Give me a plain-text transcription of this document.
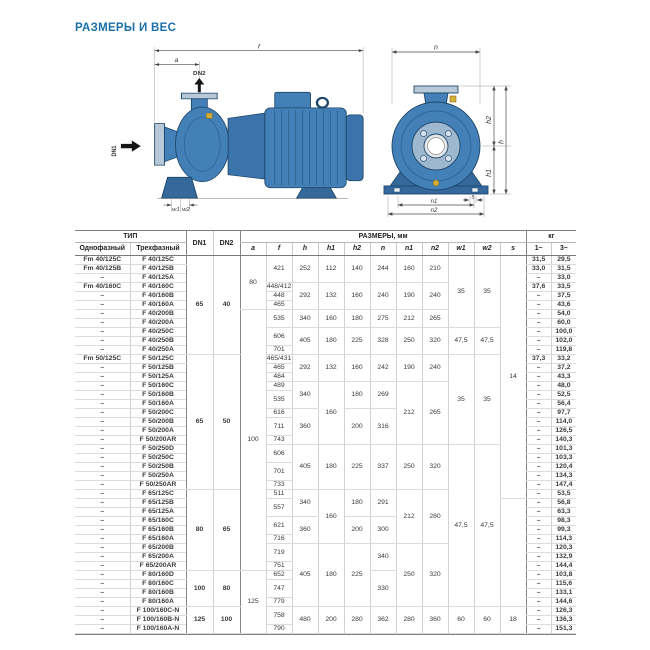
РАЗМЕРЫ И ВЕС
f
a
DN2
DN1
w1 w2
n
h2
h1
h
s
n1
n2
ТИП		DN1	DN2	РАЗМЕРЫ, мм											кг	
Однофазный	Трехфазный			a	f	h	h1	h2	n	n1	n2	w1	w2	s	1~	3~
Fm 40/125C	F 40/125C	65	40	80	421	252	112	140	244	160	210	35	35	14	31,5	29,5
Fm 40/125B	F 40/125B														33,0	31,5
–	F 40/125A														–	33,0
Fm 40/160C	F 40/160C				448/412	292	132	160	240	190	240				37,6	33,5
–	F 40/160B				448										–	37,5
–	F 40/160A				465										–	43,6
–	F 40/200B			100	535	340	160	180	275	212	265				–	54,0
–	F 40/200A														–	60,0
–	F 40/250C				606	405	180	225	328	250	320	47,5	47,5		–	100,0
–	F 40/250B														–	102,0
–	F 40/250A				701										–	119,8
Fm 50/125C	F 50/125C	65	50		465/431	292	132	160	242	190	240	35	35		37,3	33,2
–	F 50/125B				465										–	37,2
–	F 50/125A				484										–	43,3
–	F 50/160C				489	340	160	180	269	212	265				–	48,0
–	F 50/160B				535										–	52,5
–	F 50/160A														–	56,4
–	F 50/200C				616	360		200	316						–	97,7
–	F 50/200B				711										–	114,0
–	F 50/200A														–	126,5
–	F 50/200AR				743										–	140,3
–	F 50/250D				606	405	180	225	337	250	320	47,5	47,5		–	101,3
–	F 50/250C														–	103,3
–	F 50/250B				701										–	120,4
–	F 50/250A														–	134,3
–	F 50/250AR				733										–	147,4
–	F 65/125C	80	65		511	340	160	180	291	212	280				–	53,5
–	F 65/125B				557										–	56,8
–	F 65/125A														–	63,3
–	F 65/160C				621	360		200	300						–	98,3
–	F 65/160B														–	99,3
–	F 65/160A				716										–	114,3
–	F 65/200B				719	405	180	225	340	250	320				–	120,3
–	F 65/200A														–	132,9
–	F 65/200AR				751										–	144,4
–	F 80/160D	100	80	125	652				330						–	103,8
–	F 80/160C				747										–	115,6
–	F 80/160B														–	133,1
–	F 80/160A				779										–	144,6
–	F 100/160C-N	125	100		758	480	200	280	362	280	360	60	60	18	–	126,3
–	F 100/160B-N														–	136,3
–	F 100/160A-N				790										–	151,3
